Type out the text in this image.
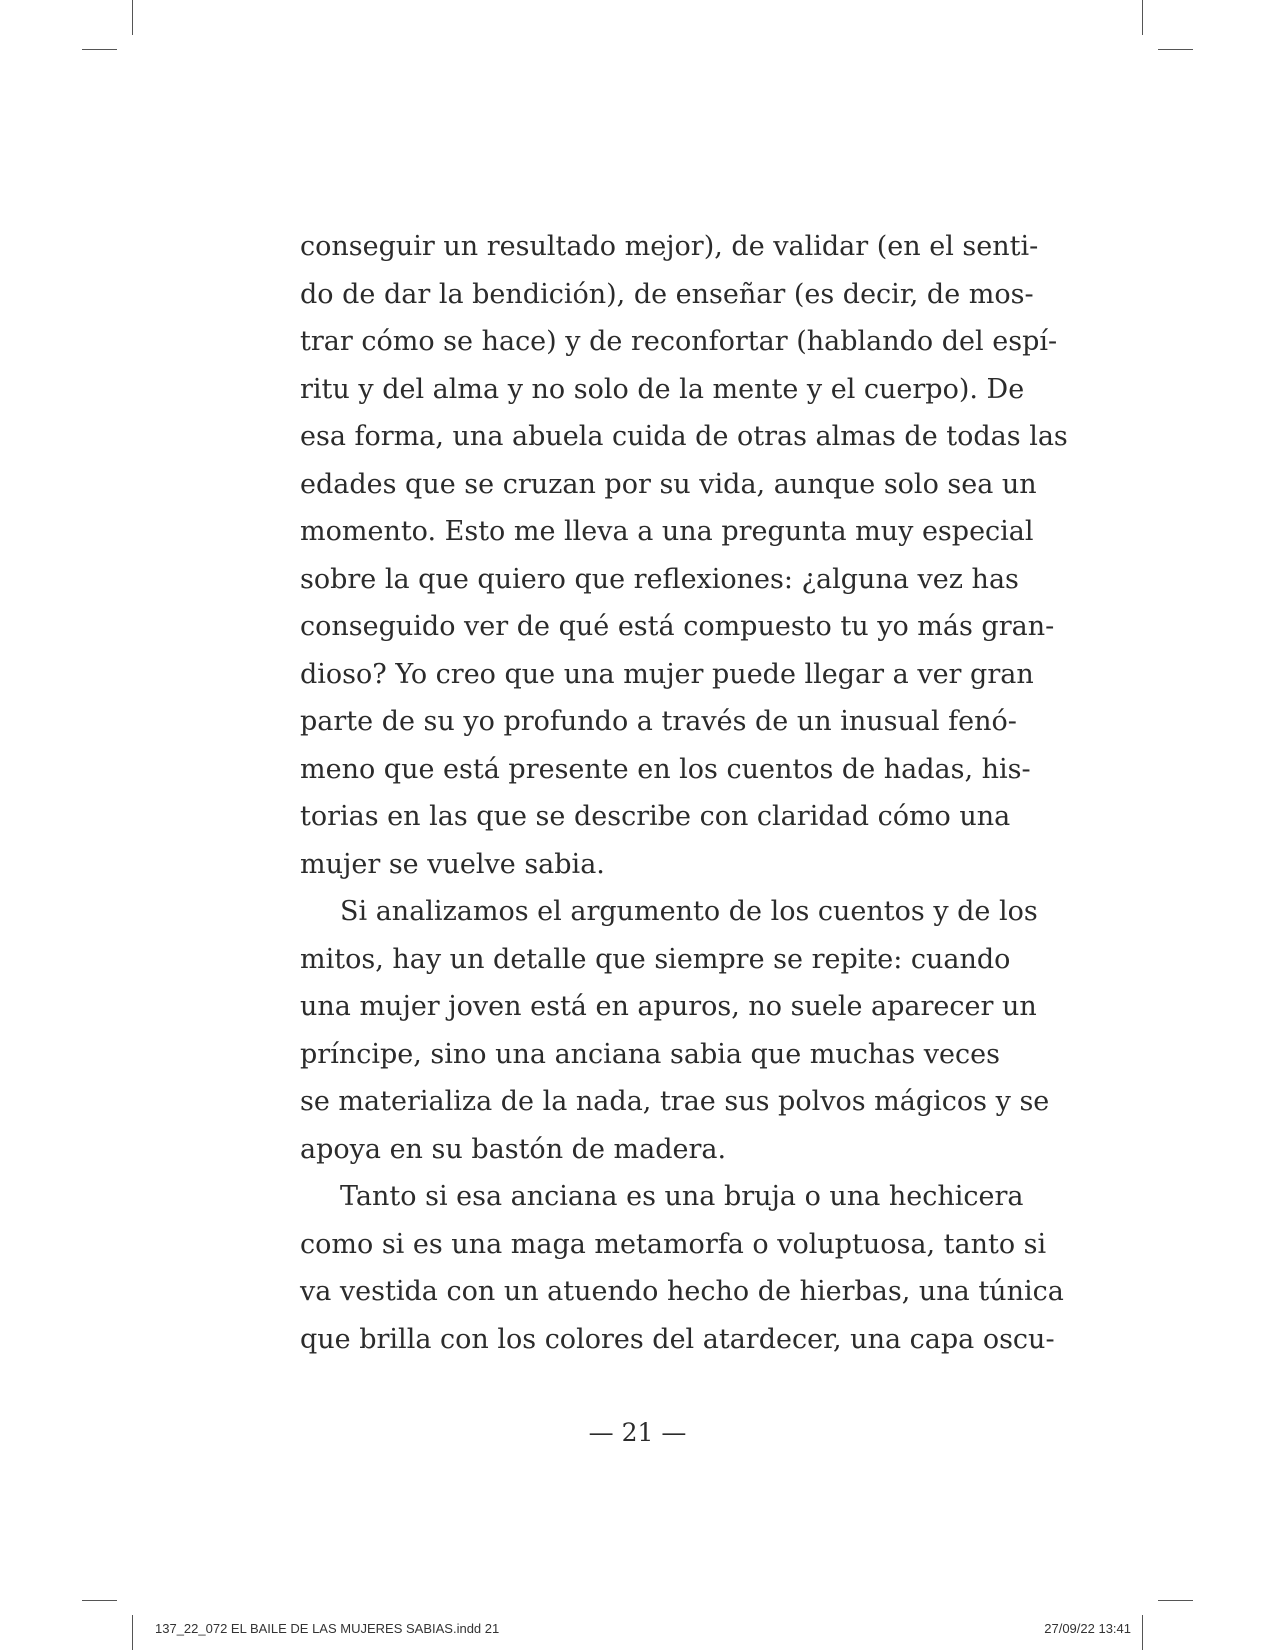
conseguir un resultado mejor), de validar (en el senti-
do de dar la bendición), de enseñar (es decir, de mos-
trar cómo se hace) y de reconfortar (hablando del espí-
ritu y del alma y no solo de la mente y el cuerpo). De
esa forma, una abuela cuida de otras almas de todas las
edades que se cruzan por su vida, aunque solo sea un
momento. Esto me lleva a una pregunta muy especial
sobre la que quiero que reflexiones: ¿alguna vez has
conseguido ver de qué está compuesto tu yo más gran-
dioso? Yo creo que una mujer puede llegar a ver gran
parte de su yo profundo a través de un inusual fenó-
meno que está presente en los cuentos de hadas, his-
torias en las que se describe con claridad cómo una
mujer se vuelve sabia.
Si analizamos el argumento de los cuentos y de los
mitos, hay un detalle que siempre se repite: cuando
una mujer joven está en apuros, no suele aparecer un
príncipe, sino una anciana sabia que muchas veces
se materializa de la nada, trae sus polvos mágicos y se
apoya en su bastón de madera.
Tanto si esa anciana es una bruja o una hechicera
como si es una maga metamorfa o voluptuosa, tanto si
va vestida con un atuendo hecho de hierbas, una túnica
que brilla con los colores del atardecer, una capa oscu-
— 21 —
137_22_072 EL BAILE DE LAS MUJERES SABIAS.indd 21	27/09/22 13:41
